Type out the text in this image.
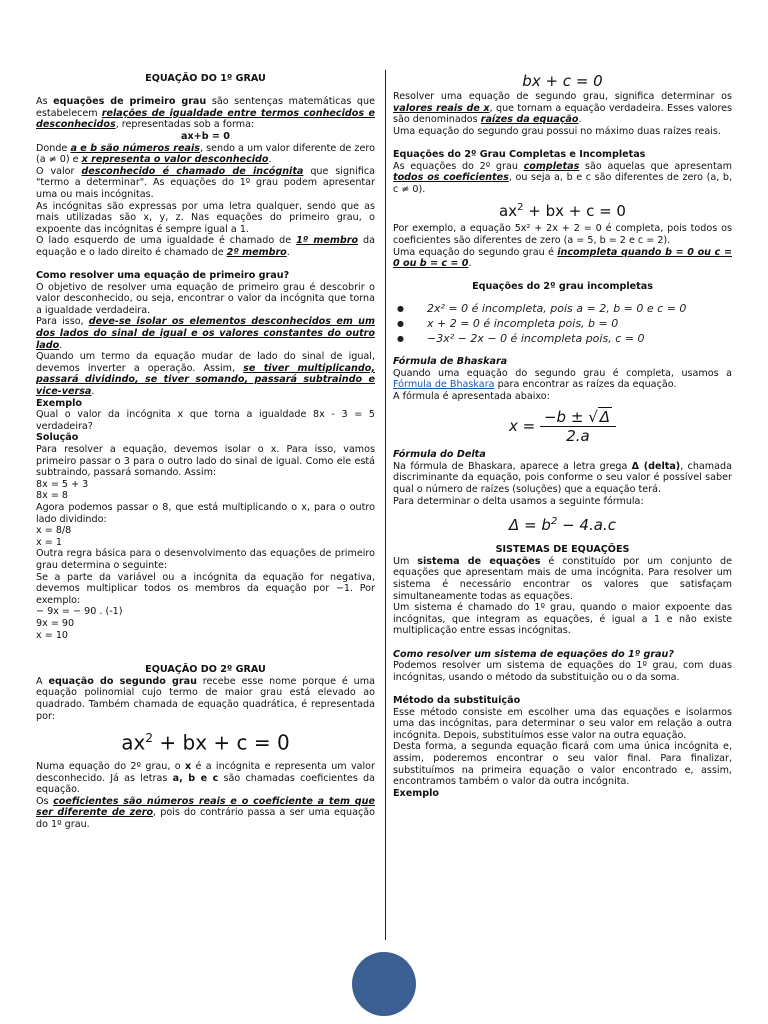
EQUAÇÃO DO 1º GRAU

As equações de primeiro grau são sentenças matemáticas que estabelecem relações de igualdade entre termos conhecidos e desconhecidos, representadas sob a forma:

ax+b = 0

Donde a e b são números reais, sendo a um valor diferente de zero (a ≠ 0) e x representa o valor desconhecido.

O valor desconhecido é chamado de incógnita que significa "termo a determinar". As equações do 1º grau podem apresentar uma ou mais incógnitas.

As incógnitas são expressas por uma letra qualquer, sendo que as mais utilizadas são x, y, z. Nas equações do primeiro grau, o expoente das incógnitas é sempre igual a 1.

O lado esquerdo de uma igualdade é chamado de 1º membro da equação e o lado direito é chamado de 2º membro.

Como resolver uma equação de primeiro grau?

O objetivo de resolver uma equação de primeiro grau é descobrir o valor desconhecido, ou seja, encontrar o valor da incógnita que torna a igualdade verdadeira.

Para isso, deve-se isolar os elementos desconhecidos em um dos lados do sinal de igual e os valores constantes do outro lado.

Quando um termo da equação mudar de lado do sinal de igual, devemos inverter a operação. Assim, se tiver multiplicando, passará dividindo, se tiver somando, passará subtraindo e vice-versa.

Exemplo

Qual o valor da incógnita x que torna a igualdade 8x - 3 = 5 verdadeira?

Solução

Para resolver a equação, devemos isolar o x. Para isso, vamos primeiro passar o 3 para o outro lado do sinal de igual. Como ele está subtraindo, passará somando. Assim:

8x = 5 + 3

8x = 8

Agora podemos passar o 8, que está multiplicando o x, para o outro lado dividindo:

x = 8/8

x = 1

Outra regra básica para o desenvolvimento das equações de primeiro grau determina o seguinte:

Se a parte da variável ou a incógnita da equação for negativa, devemos multiplicar todos os membros da equação por −1. Por exemplo:

− 9x = − 90 . (-1)

9x = 90

x = 10

EQUAÇÃO DO 2º GRAU

A equação do segundo grau recebe esse nome porque é uma equação polinomial cujo termo de maior grau está elevado ao quadrado. Também chamada de equação quadrática, é representada por:

$ax^2$ + bx + c = 0

Numa equação do 2º grau, o x é a incógnita e representa um valor desconhecido. Já as letras a, b e c são chamadas coeficientes da equação.

Os coeficientes são números reais e o coeficiente a tem que ser diferente de zero, pois do contrário passa a ser uma equação do 1º grau.

bx + c = 0

Resolver uma equação de segundo grau, significa determinar os valores reais de x, que tornam a equação verdadeira. Esses valores são denominados raízes da equação.

Uma equação do segundo grau possui no máximo duas raízes reais.

Equações do 2º Grau Completas e Incompletas

As equações do 2º grau completas são aquelas que apresentam todos os coeficientes, ou seja a, b e c são diferentes de zero (a, b, c ≠ 0).

$ax^2$ + bx + c = 0

Por exemplo, a equação 5x² + 2x + 2 = 0 é completa, pois todos os coeficientes são diferentes de zero (a = 5, b = 2 e c = 2).

Uma equação do segundo grau é incompleta quando b = 0 ou c = 0 ou b = c = 0.

Equações do 2º grau incompletas

● 2x² = 0 é incompleta, pois a = 2, b = 0 e c = 0
● x + 2 = 0 é incompleta pois, b = 0
● −3x² − 2x − 0 é incompleta pois, c = 0

Fórmula de Bhaskara

Quando uma equação do segundo grau é completa, usamos a Fórmula de Bhaskara para encontrar as raízes da equação.

A fórmula é apresentada abaixo:

$x = \frac{-b \pm √ \Delta}{2.a}$

Fórmula do Delta

Na fórmula de Bhaskara, aparece a letra grega Δ (delta), chamada discriminante da equação, pois conforme o seu valor é possível saber qual o número de raízes (soluções) que a equação terá.

Para determinar o delta usamos a seguinte fórmula:

$\Delta = b^2 - 4.a.c$

SISTEMAS DE EQUAÇÕES

Um sistema de equações é constituído por um conjunto de equações que apresentam mais de uma incógnita. Para resolver um sistema é necessário encontrar os valores que satisfaçam simultaneamente todas as equações.

Um sistema é chamado do 1º grau, quando o maior expoente das incógnitas, que integram as equações, é igual a 1 e não existe multiplicação entre essas incógnitas.

Como resolver um sistema de equações do 1º grau?

Podemos resolver um sistema de equações do 1º grau, com duas incógnitas, usando o método da substituição ou o da soma.

Método da substituição

Esse método consiste em escolher uma das equações e isolarmos uma das incógnitas, para determinar o seu valor em relação a outra incógnita. Depois, substituímos esse valor na outra equação.

Desta forma, a segunda equação ficará com uma única incógnita e, assim, poderemos encontrar o seu valor final. Para finalizar, substituímos na primeira equação o valor encontrado e, assim, encontramos também o valor da outra incógnita.

Exemplo
